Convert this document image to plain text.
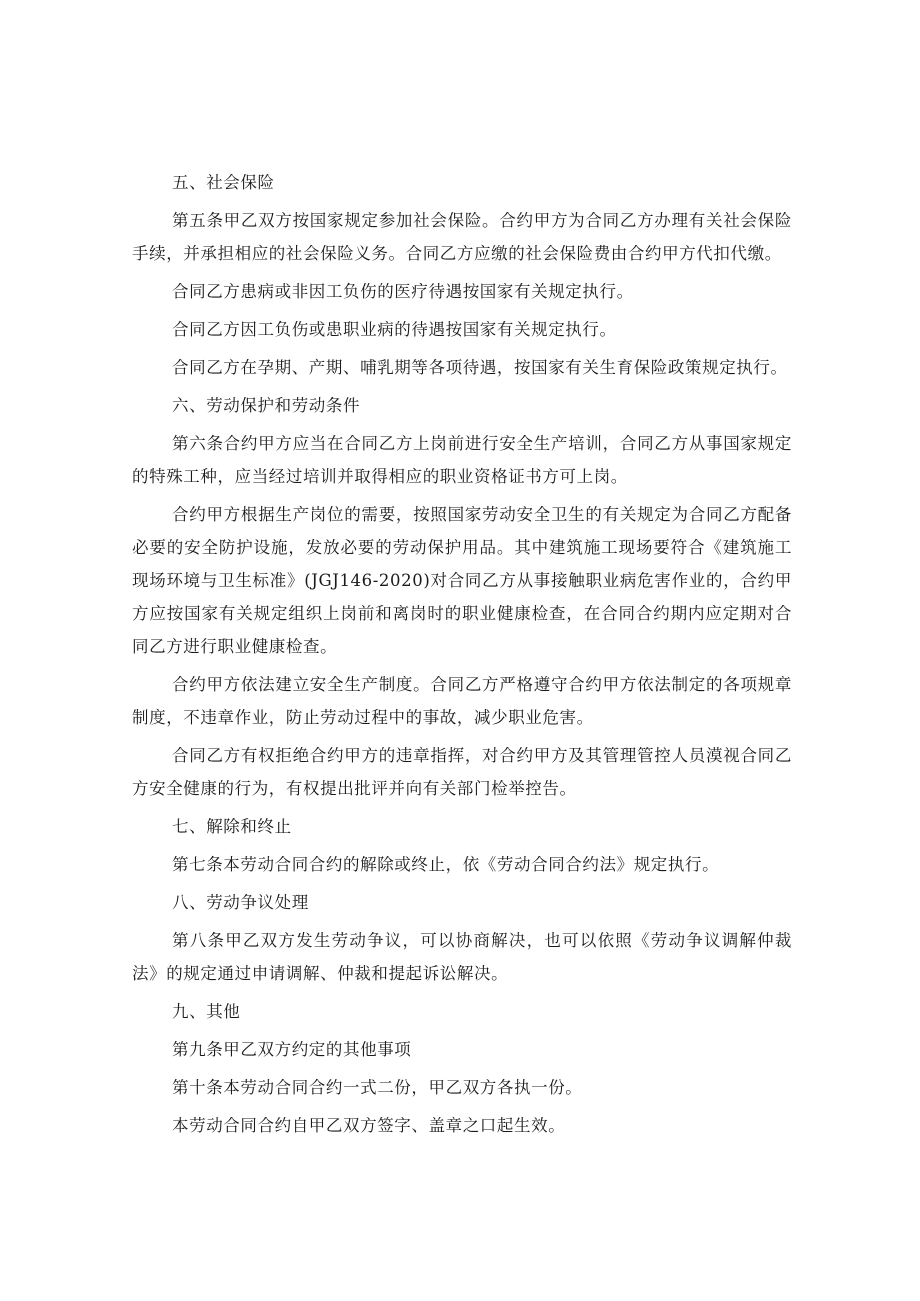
五、社会保险

第五条甲乙双方按国家规定参加社会保险。合约甲方为合同乙方办理有关社会保险手续，并承担相应的社会保险义务。合同乙方应缴的社会保险费由合约甲方代扣代缴。

合同乙方患病或非因工负伤的医疗待遇按国家有关规定执行。

合同乙方因工负伤或患职业病的待遇按国家有关规定执行。

合同乙方在孕期、产期、哺乳期等各项待遇，按国家有关生育保险政策规定执行。

六、劳动保护和劳动条件

第六条合约甲方应当在合同乙方上岗前进行安全生产培训，合同乙方从事国家规定的特殊工种，应当经过培训并取得相应的职业资格证书方可上岗。

合约甲方根据生产岗位的需要，按照国家劳动安全卫生的有关规定为合同乙方配备必要的安全防护设施，发放必要的劳动保护用品。其中建筑施工现场要符合《建筑施工现场环境与卫生标准》(JGJ146-2020)对合同乙方从事接触职业病危害作业的，合约甲方应按国家有关规定组织上岗前和离岗时的职业健康检查，在合同合约期内应定期对合同乙方进行职业健康检查。

合约甲方依法建立安全生产制度。合同乙方严格遵守合约甲方依法制定的各项规章制度，不违章作业，防止劳动过程中的事故，减少职业危害。

合同乙方有权拒绝合约甲方的违章指挥，对合约甲方及其管理管控人员漠视合同乙方安全健康的行为，有权提出批评并向有关部门检举控告。

七、解除和终止

第七条本劳动合同合约的解除或终止，依《劳动合同合约法》规定执行。

八、劳动争议处理

第八条甲乙双方发生劳动争议，可以协商解决，也可以依照《劳动争议调解仲裁法》的规定通过申请调解、仲裁和提起诉讼解决。

九、其他

第九条甲乙双方约定的其他事项

第十条本劳动合同合约一式二份，甲乙双方各执一份。

本劳动合同合约自甲乙双方签字、盖章之口起生效。
